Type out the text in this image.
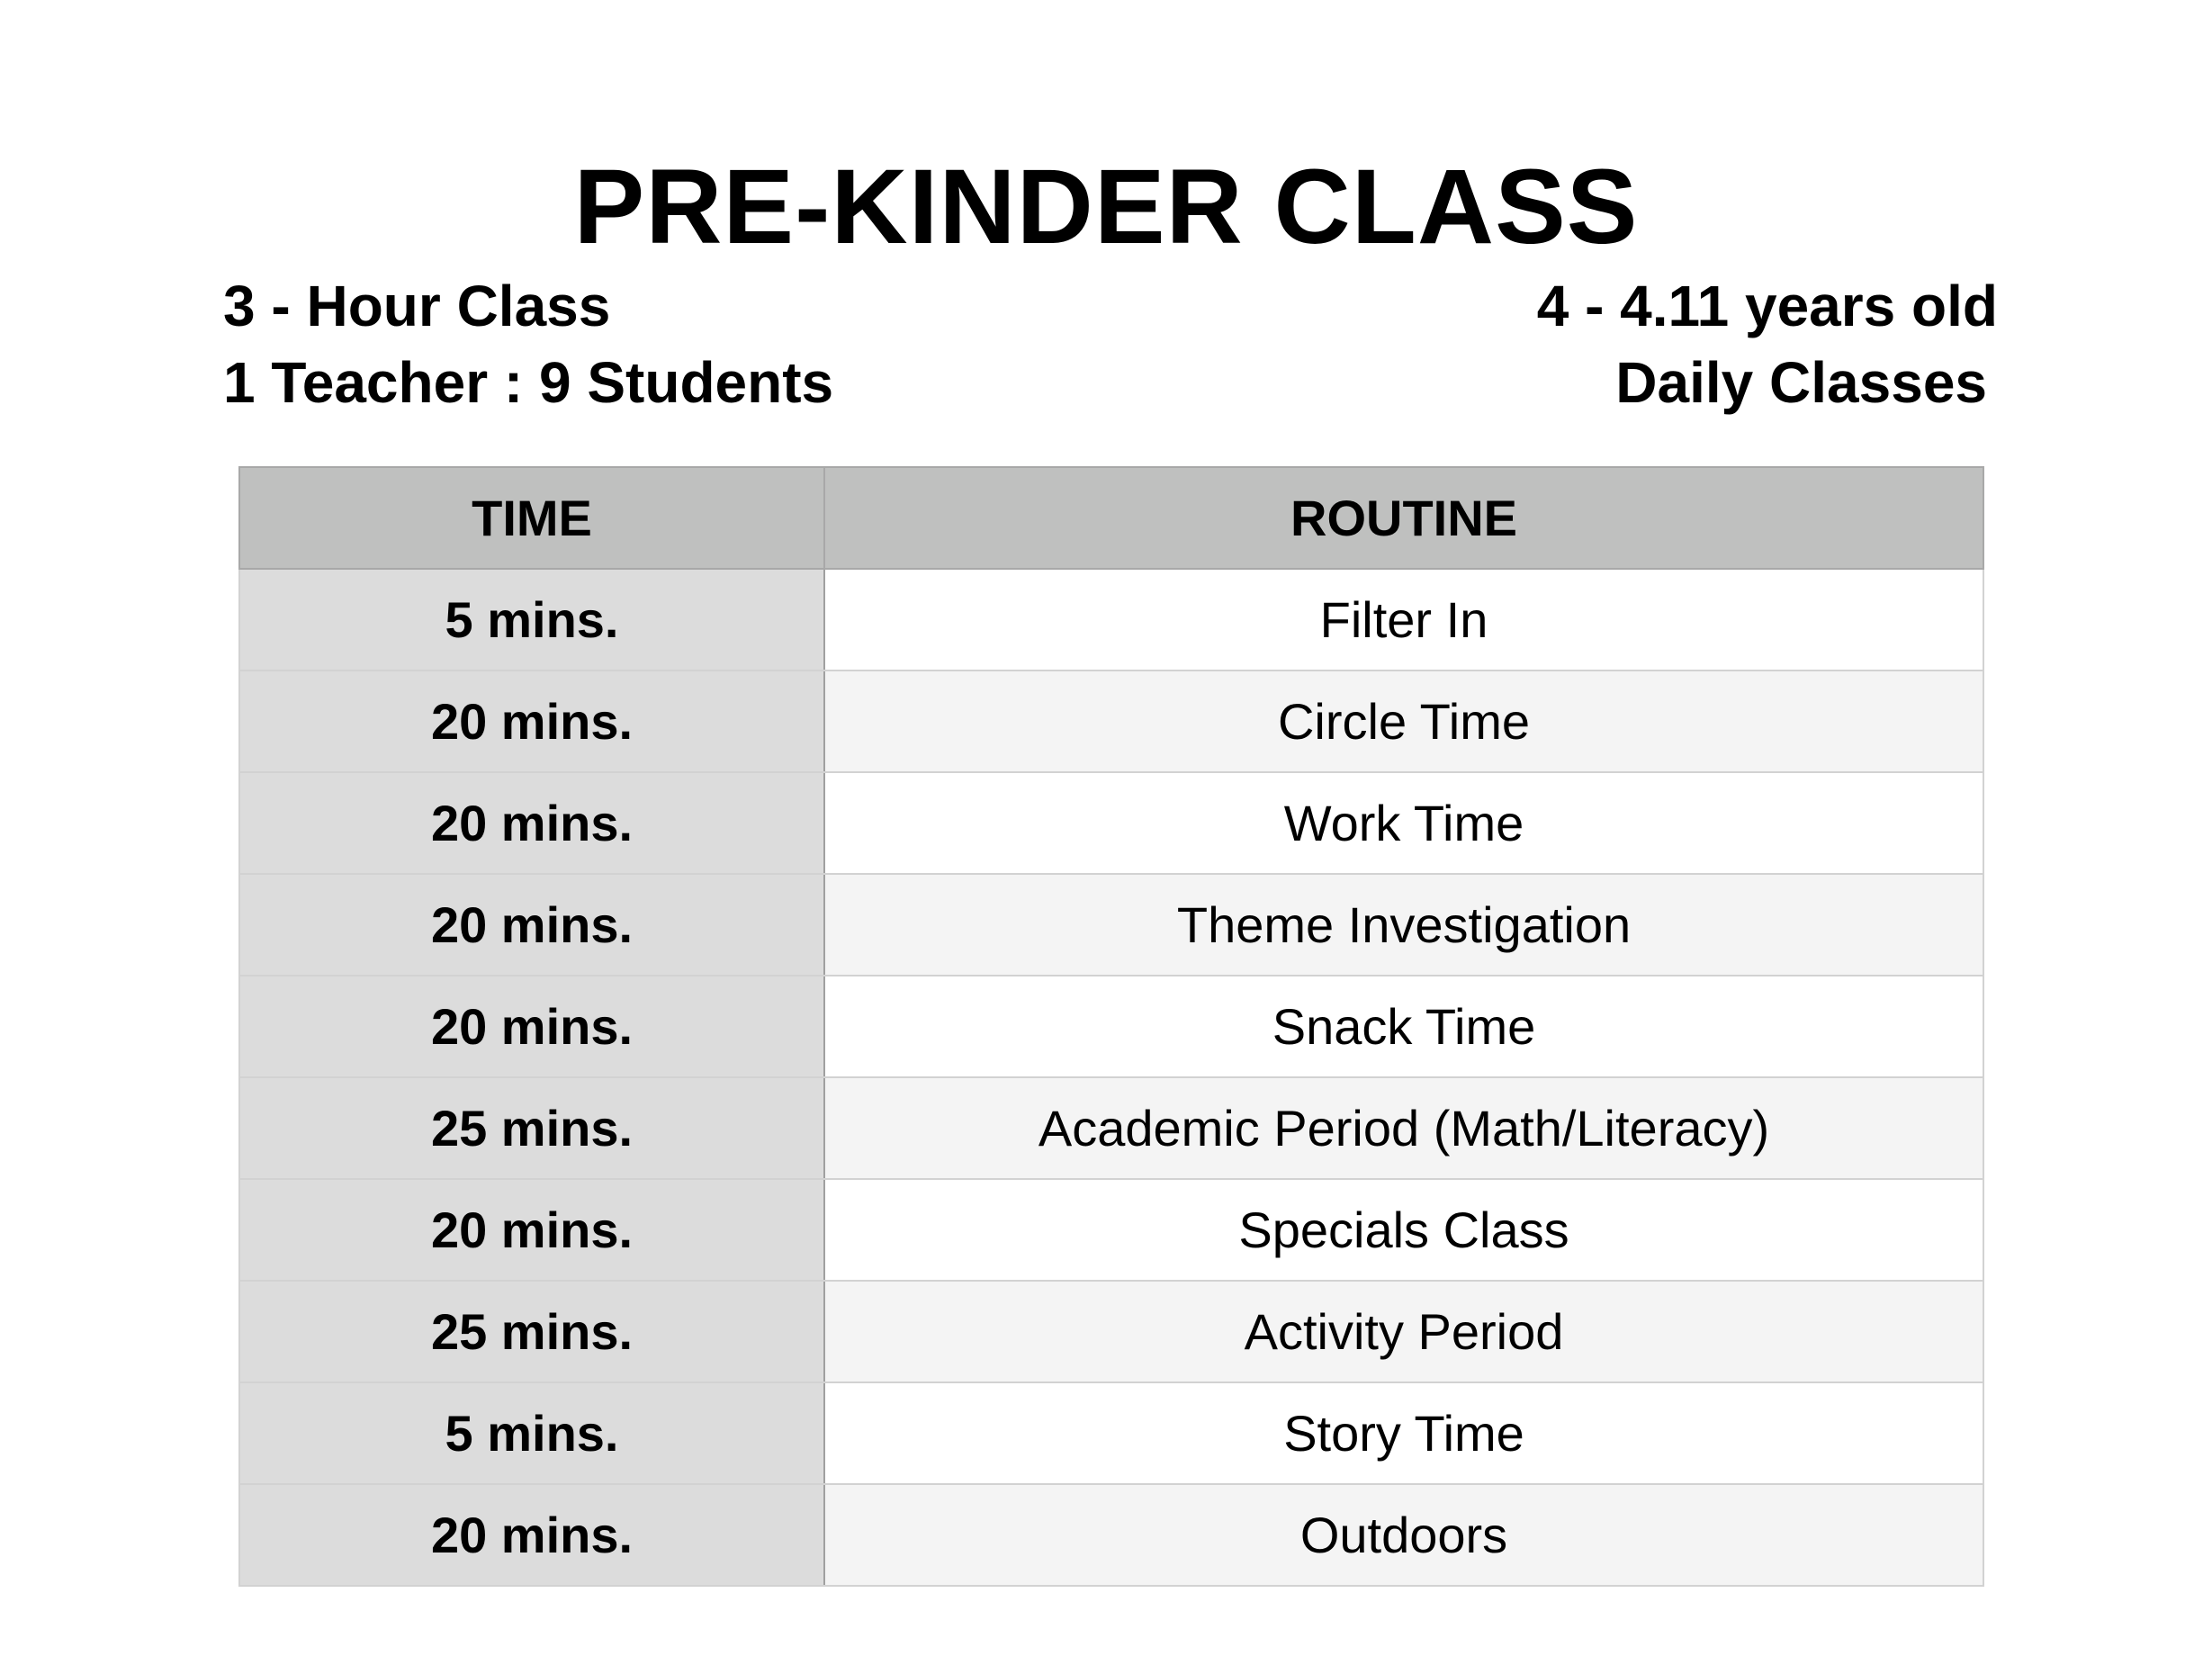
PRE-KINDER CLASS
3 - Hour Class
1 Teacher : 9 Students
4 - 4.11 years old
Daily Classes
TIME	ROUTINE
5 mins.	Filter In
20 mins.	Circle Time
20 mins.	Work Time
20 mins.	Theme Investigation
20 mins.	Snack Time
25 mins.	Academic Period (Math/Literacy)
20 mins.	Specials Class
25 mins.	Activity Period
5 mins.	Story Time
20 mins.	Outdoors
